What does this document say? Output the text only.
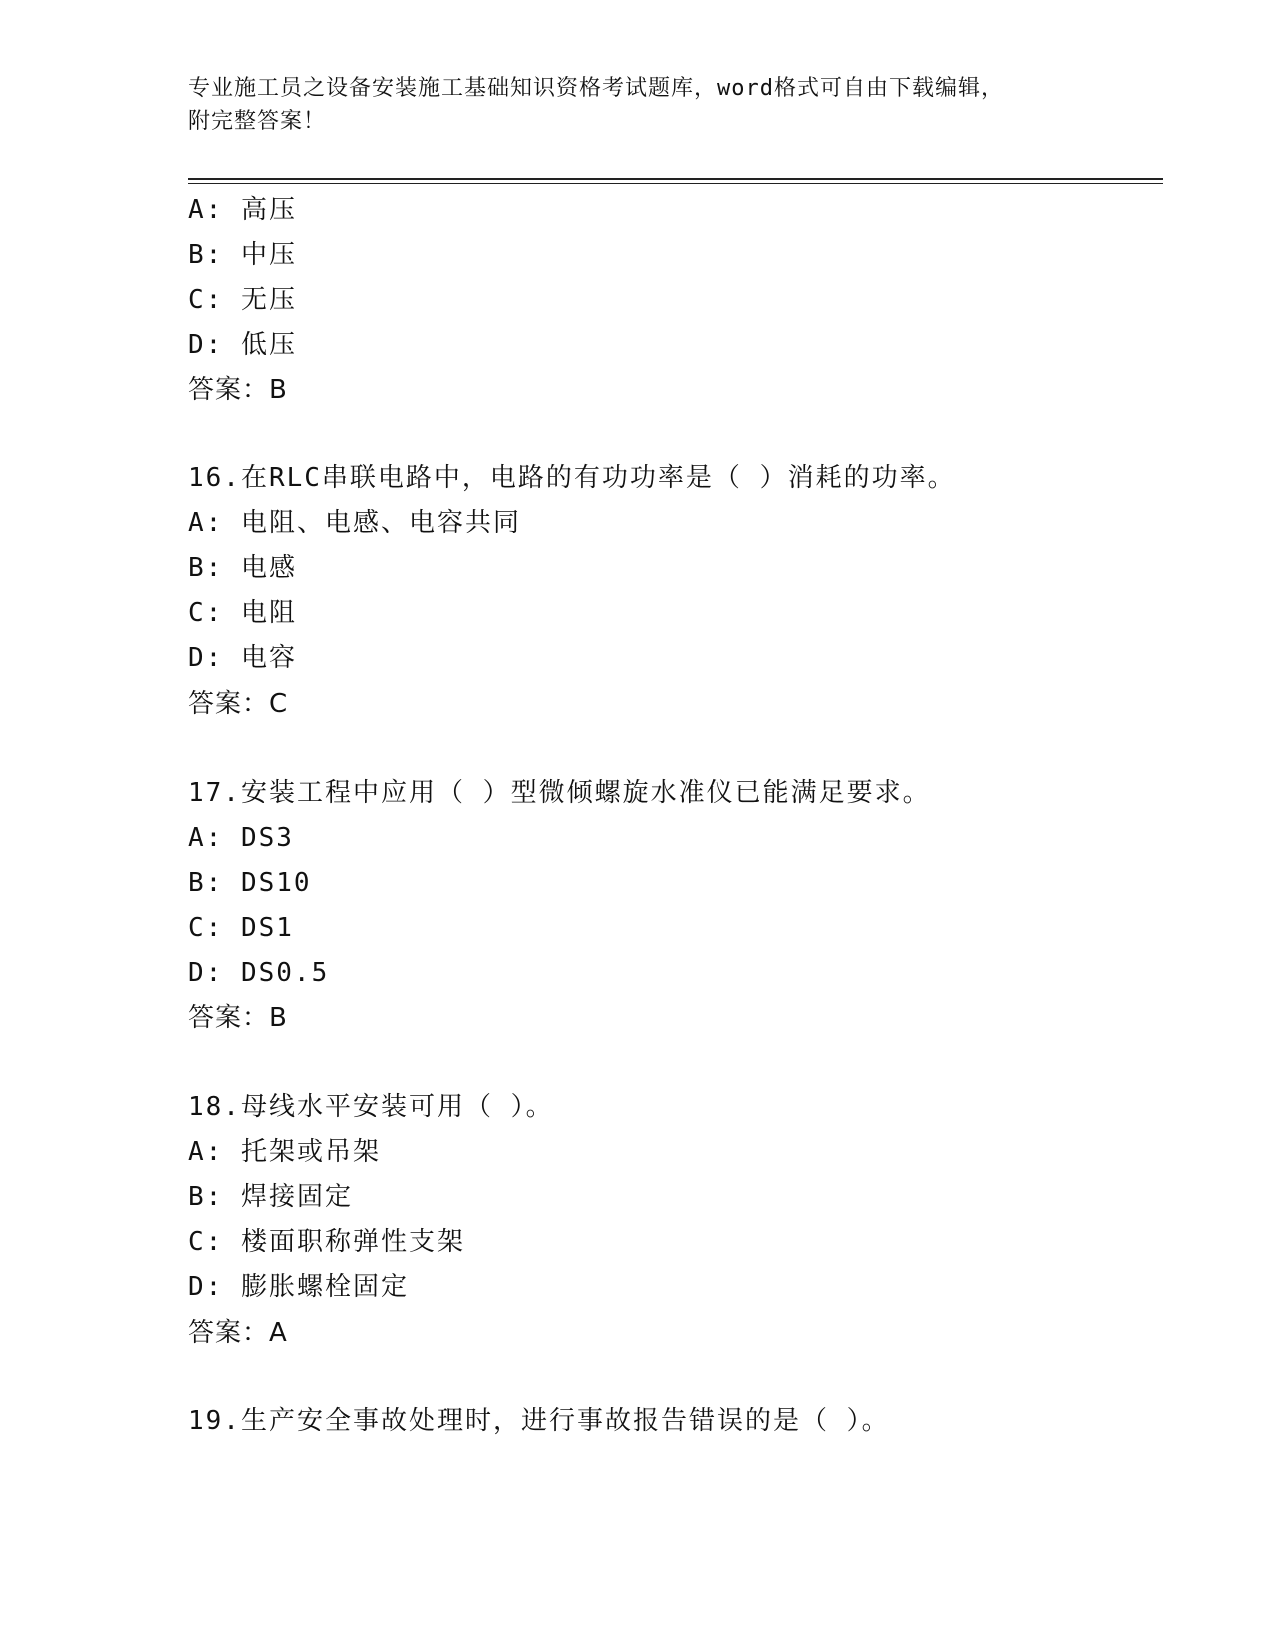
专业施工员之设备安装施工基础知识资格考试题库，word格式可自由下载编辑，
附完整答案！
A: 高压
B: 中压
C: 无压
D: 低压
答案：B
16.在RLC串联电路中，电路的有功功率是（ ）消耗的功率。
A: 电阻、电感、电容共同
B: 电感
C: 电阻
D: 电容
答案：C
17.安装工程中应用（ ）型微倾螺旋水准仪已能满足要求。
A: DS3
B: DS10
C: DS1
D: DS0.5
答案：B
18.母线水平安装可用（ ）。
A: 托架或吊架
B: 焊接固定
C: 楼面职称弹性支架
D: 膨胀螺栓固定
答案：A
19.生产安全事故处理时，进行事故报告错误的是（ ）。
